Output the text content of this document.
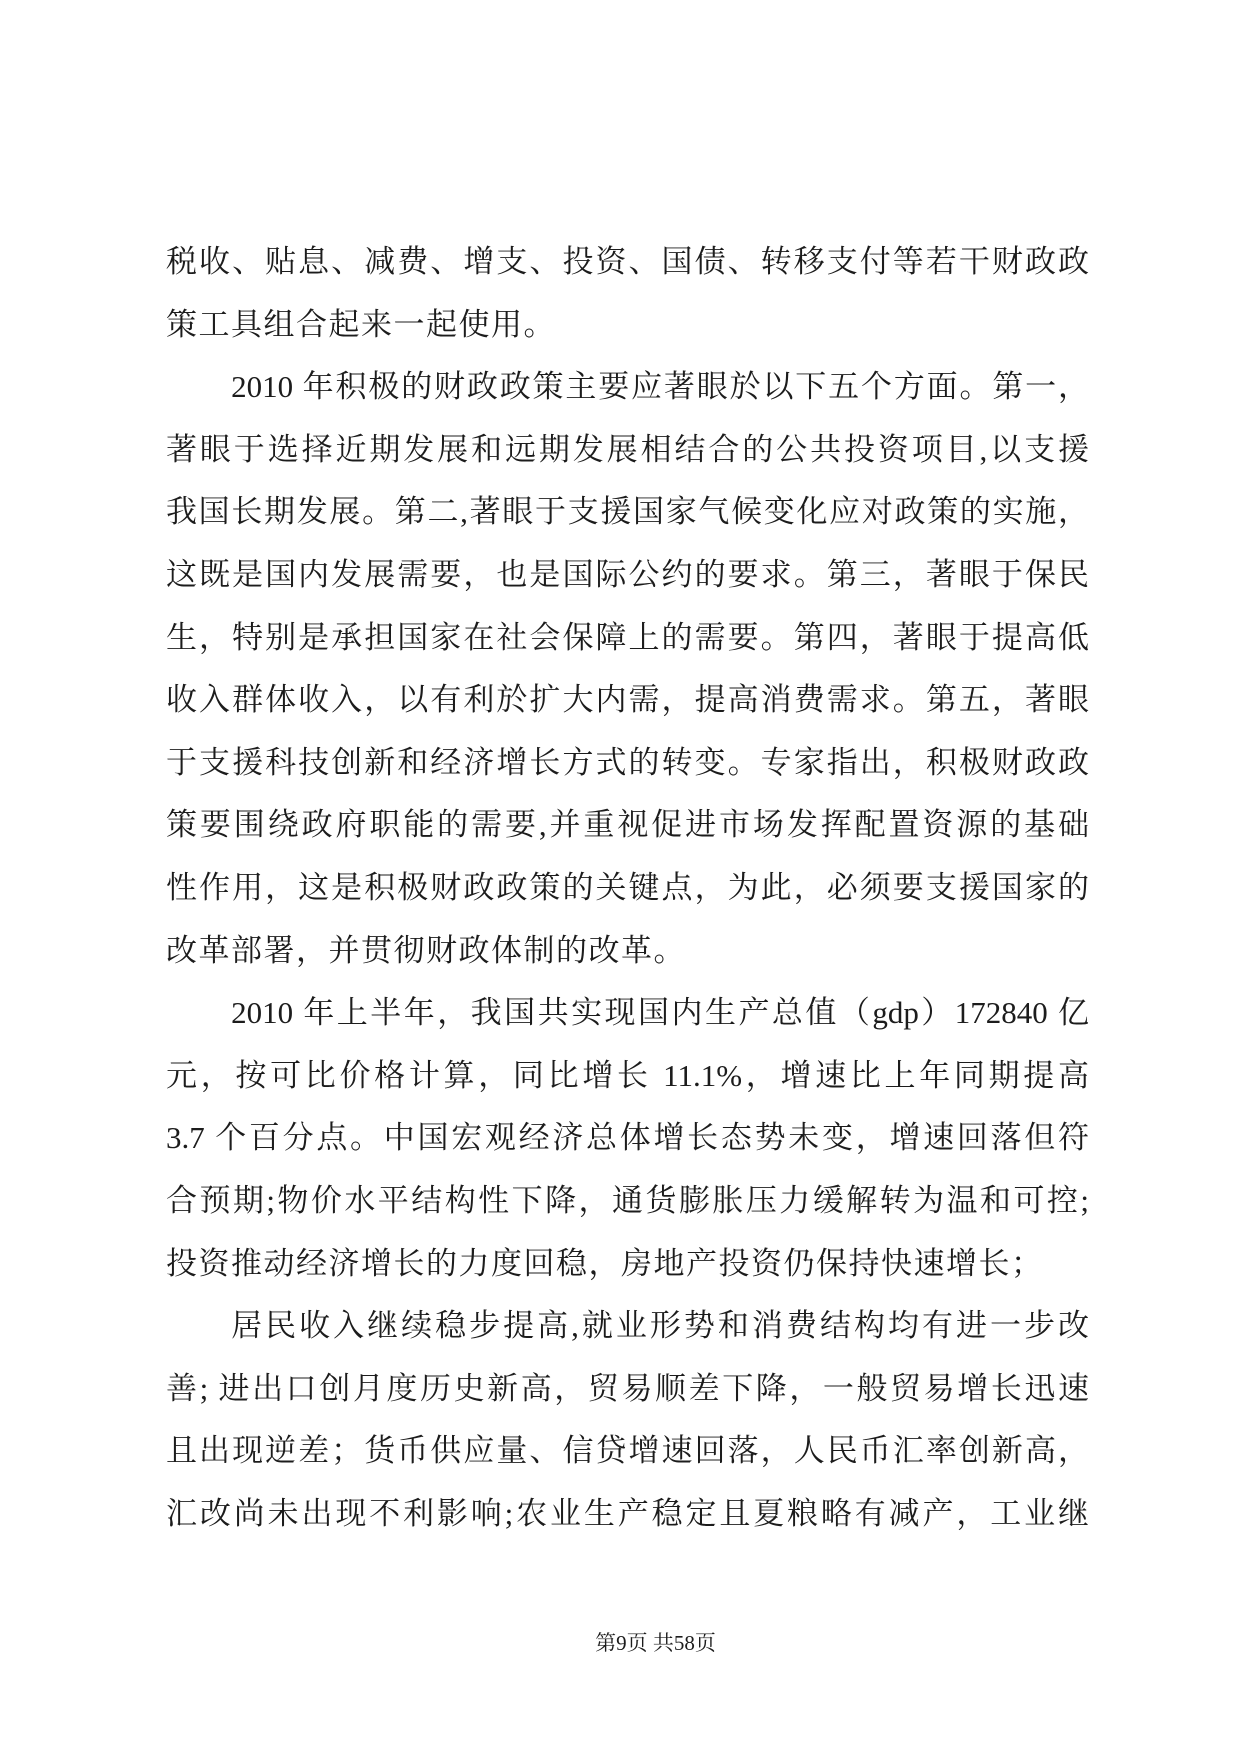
税收、贴息、减费、增支、投资、国债、转移支付等若干财政政
策工具组合起来一起使用。
2010 年积极的财政政策主要应著眼於以下五个方面。第一，
著眼于选择近期发展和远期发展相结合的公共投资项目,以支援
我国长期发展。第二,著眼于支援国家气候变化应对政策的实施，
这既是国内发展需要，也是国际公约的要求。第三，著眼于保民
生，特别是承担国家在社会保障上的需要。第四，著眼于提高低
收入群体收入，以有利於扩大内需，提高消费需求。第五，著眼
于支援科技创新和经济增长方式的转变。专家指出，积极财政政
策要围绕政府职能的需要,并重视促进市场发挥配置资源的基础
性作用，这是积极财政政策的关键点，为此，必须要支援国家的
改革部署，并贯彻财政体制的改革。
2010 年上半年，我国共实现国内生产总值（gdp）172840 亿
元，按可比价格计算，同比增长 11.1%，增速比上年同期提高
3.7 个百分点。中国宏观经济总体增长态势未变，增速回落但符
合预期;物价水平结构性下降，通货膨胀压力缓解转为温和可控;
投资推动经济增长的力度回稳，房地产投资仍保持快速增长；
居民收入继续稳步提高,就业形势和消费结构均有进一步改
善; 进出口创月度历史新高，贸易顺差下降，一般贸易增长迅速
且出现逆差；货币供应量、信贷增速回落，人民币汇率创新高，
汇改尚未出现不利影响;农业生产稳定且夏粮略有减产，工业继
第9页 共58页
